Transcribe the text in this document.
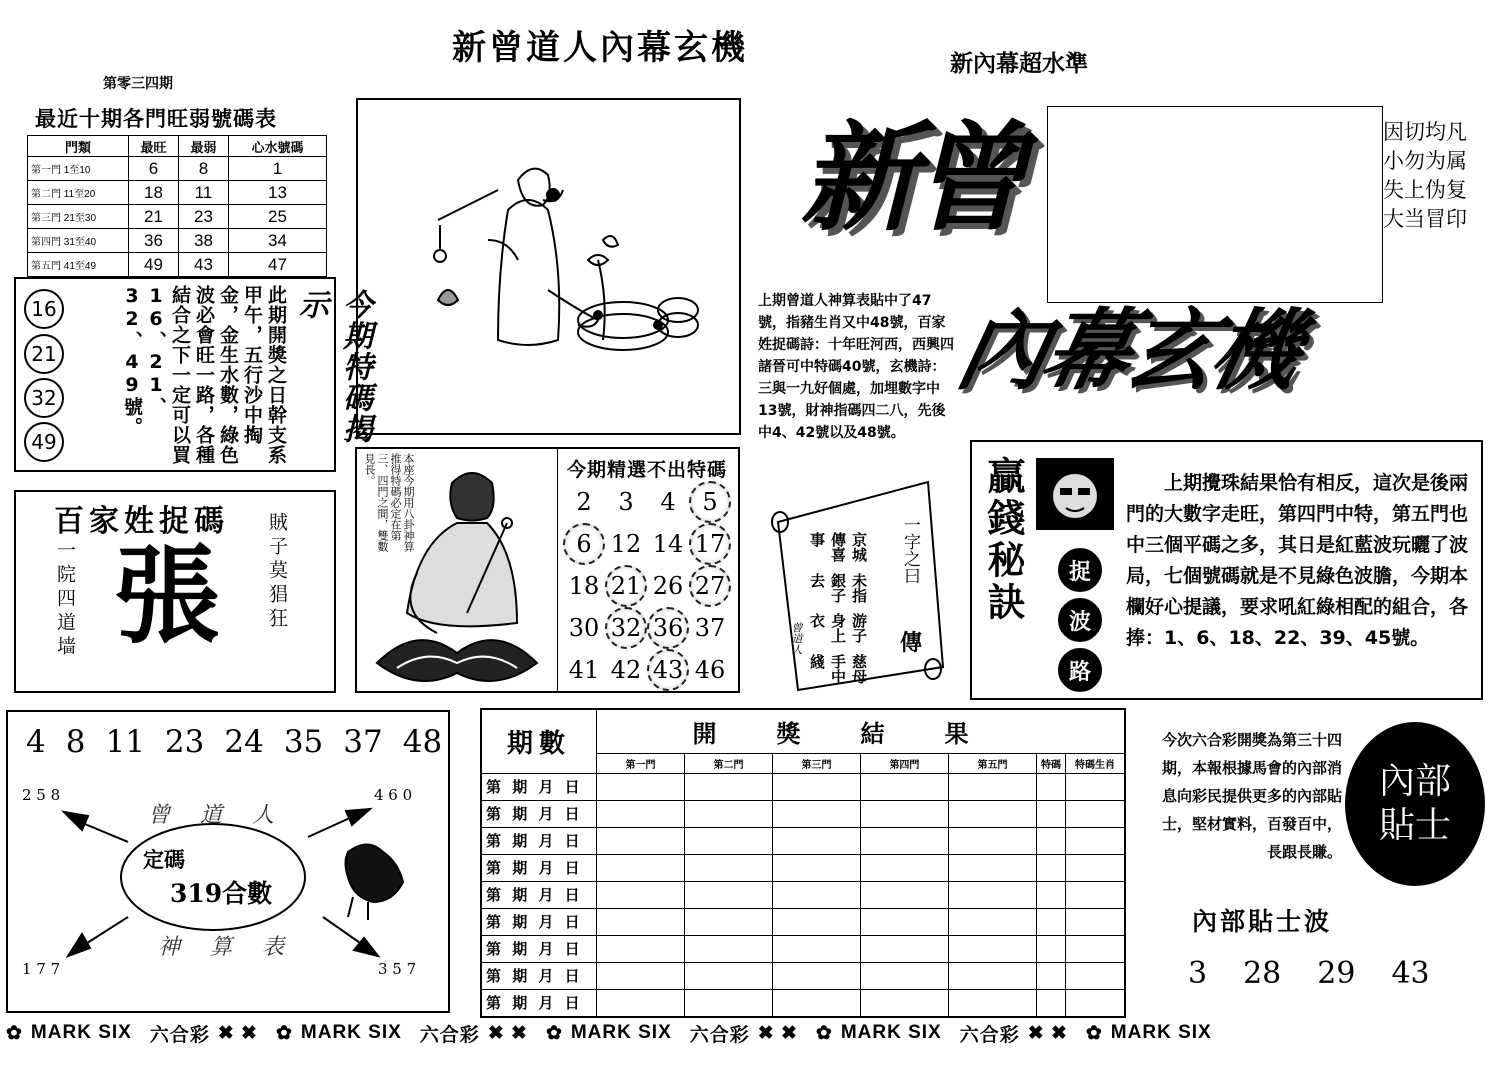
新曾道人內幕玄機	新內幕超水準
第零三四期
最近十期各門旺弱號碼表
門類	最旺	最弱	心水號碼
第一門 1至10	6	8	1
第二門 11至20	18	11	13
第三門 21至30	21	23	25
第四門 31至40	36	38	34
第五門 41至49	49	43	47
16
21
32
49	此期開獎之日幹支系甲午，五行沙中掏金，金生水數，綠色波必會旺一路，各種結合之下一定可以買16、21、32、49號。	今期特碼揭示
百家姓捉碼
一院四道墙 張 賊子莫猖狂
新曾	因切均凡
小勿为属
失上伪复
大当冒印
內幕玄機
上期曾道人神算表貼中了47號，指豬生肖又中48號，百家姓捉碼詩：十年旺河西，西興四諸晉可中特碼40號，玄機詩：三與一九好個處，加埋數字中13號，財神指碼四二八，先後中4、42號以及48號。
本座今期用八卦神算推得特碼必定在第三、四門之間，雙數見長。	今期精選不出特碼
2	3	4	5
6 12 14 17
18 21 26 27
30 32 36 37
41 42 43 46	慈母手中綫
游子身上衣
未指銀子去
京城傳喜事	一字之曰
傳
曾道人
贏錢秘訣	捉
波
路
上期攪珠結果恰有相反，這次是後兩門的大數字走旺，第四門中特，第五門也中三個平碼之多，其日是紅藍波玩曬了波局，七個號碼就是不見綠色波膽，今期本欄好心提議，要求吼紅綠相配的組合，各捧：1、6、18、22、39、45號。
4 8 11 23 24 35 37 48
2 5 8	4 6 0
1 7 7	3 5 7
曾道人
神算表
定碼
319合數
期數	開獎結果						
	第一門	第二門	第三門	第四門	第五門	特碼	特碼生肖
第 期 月 日							
第 期 月 日							
第 期 月 日							
第 期 月 日							
第 期 月 日							
第 期 月 日							
第 期 月 日							
第 期 月 日							
第 期 月 日							
今次六合彩開獎為第三十四期，本報根據馬會的內部消息向彩民提供更多的內部貼士，堅材實料，百發百中，長跟長賺。
內部貼士
內部貼士波
3 28 29 43
✿ MARK SIX 六合彩 ✖ ✖ ✿ MARK SIX 六合彩 ✖ ✖ ✿ MARK SIX 六合彩 ✖ ✖ ✿ MARK SIX 六合彩 ✖ ✖ ✿ MARK SIX
